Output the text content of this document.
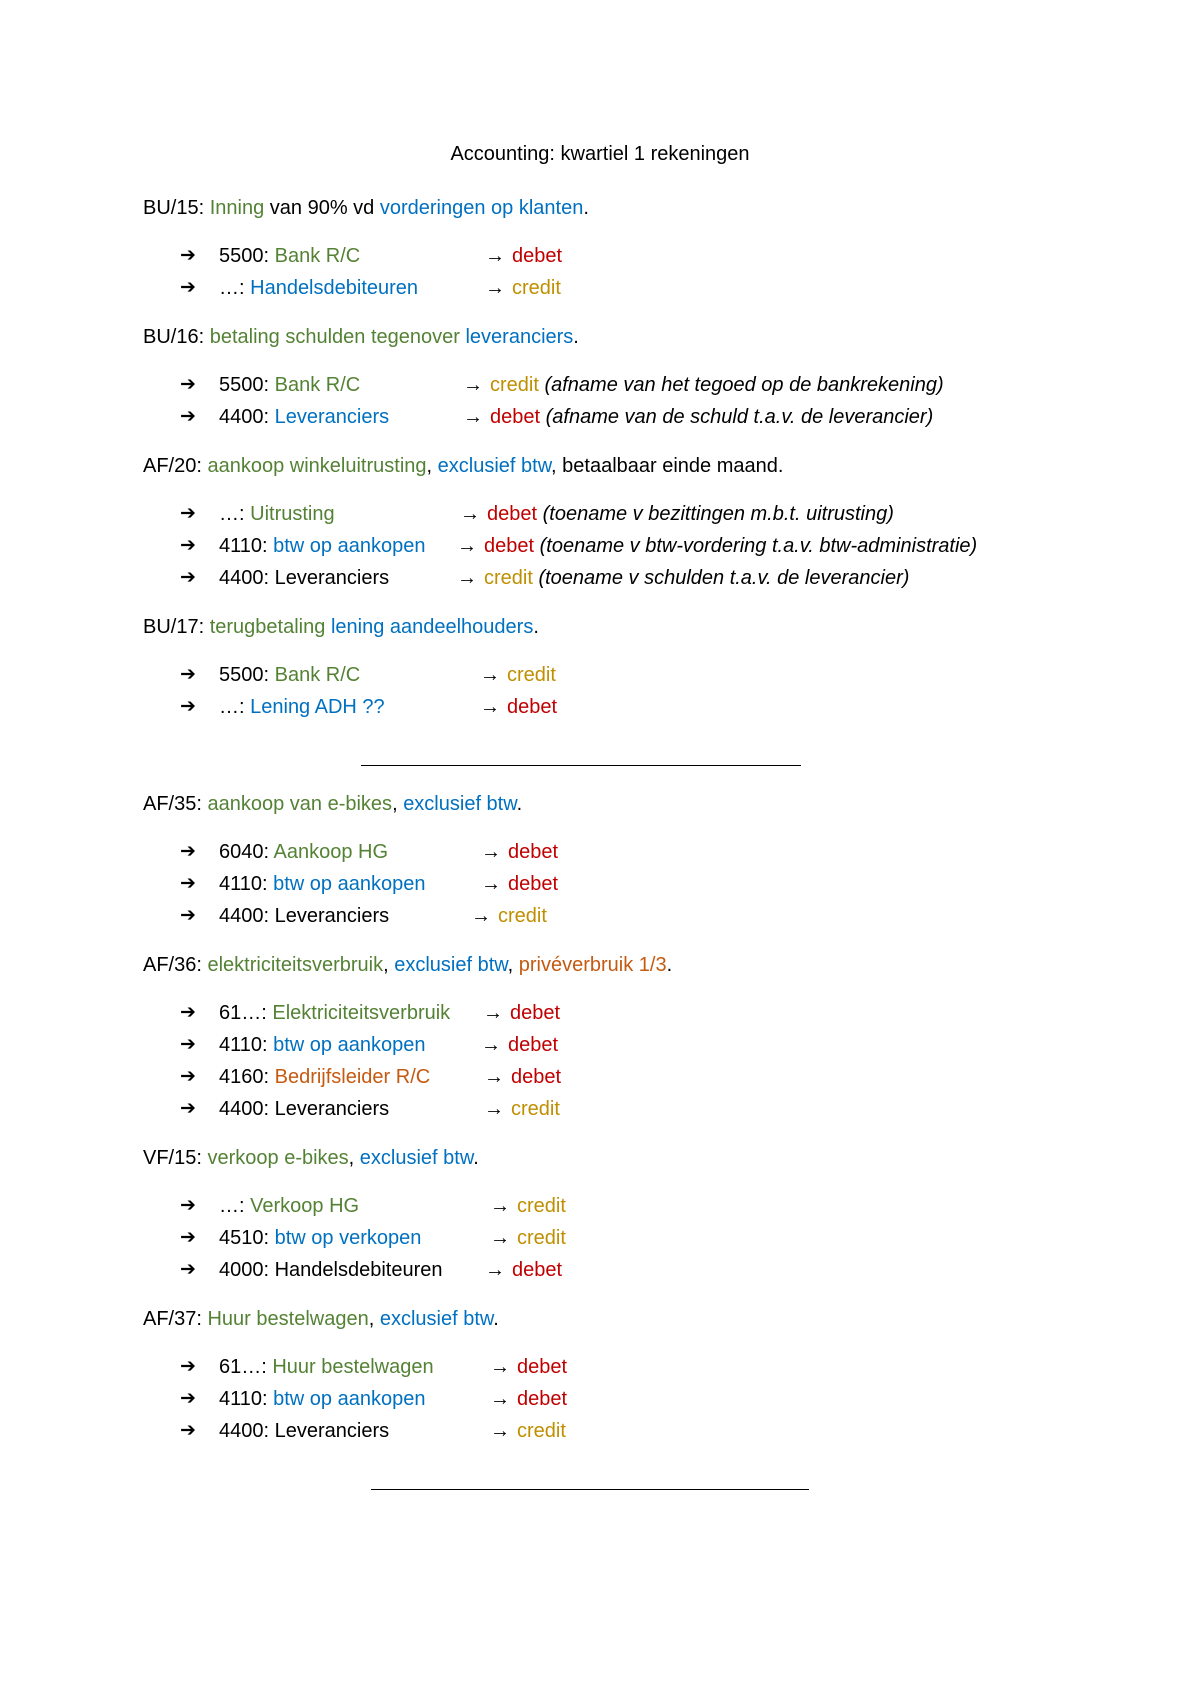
Accounting: kwartiel 1 rekeningen
BU/15: Inning van 90% vd vorderingen op klanten.
➔ 5500: Bank R/C	→ debet
➔ …: Handelsdebiteuren	→ credit
BU/16: betaling schulden tegenover leveranciers.
➔ 5500: Bank R/C	→ credit (afname van het tegoed op de bankrekening)
➔ 4400: Leveranciers	→ debet (afname van de schuld t.a.v. de leverancier)
AF/20: aankoop winkeluitrusting, exclusief btw, betaalbaar einde maand.
➔ …: Uitrusting	→ debet (toename v bezittingen m.b.t. uitrusting)
➔ 4110: btw op aankopen → debet (toename v btw-vordering t.a.v. btw-administratie)
➔ 4400: Leveranciers	→ credit (toename v schulden t.a.v. de leverancier)
BU/17: terugbetaling lening aandeelhouders.
➔ 5500: Bank R/C	→ credit
➔ …: Lening ADH ??	→ debet
AF/35: aankoop van e-bikes, exclusief btw.
➔ 6040: Aankoop HG	→ debet
➔ 4110: btw op aankopen	→ debet
➔ 4400: Leveranciers	→ credit
AF/36: elektriciteitsverbruik, exclusief btw, privéverbruik 1/3.
➔ 61…: Elektriciteitsverbruik → debet
➔ 4110: btw op aankopen	→ debet
➔ 4160: Bedrijfsleider R/C	→ debet
➔ 4400: Leveranciers	→ credit
VF/15: verkoop e-bikes, exclusief btw.
➔ …: Verkoop HG	→ credit
➔ 4510: btw op verkopen	→ credit
➔ 4000: Handelsdebiteuren → debet
AF/37: Huur bestelwagen, exclusief btw.
➔ 61…: Huur bestelwagen	→ debet
➔ 4110: btw op aankopen	→ debet
➔ 4400: Leveranciers	→ credit
